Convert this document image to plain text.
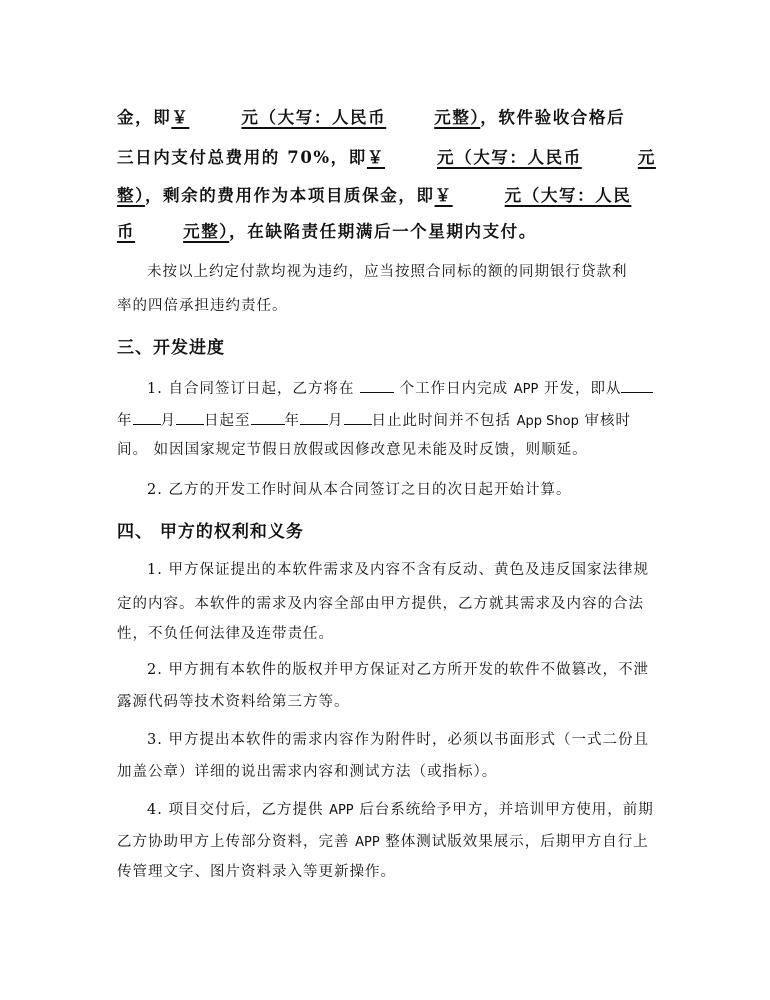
金，即￥	元（大写：人民币	元整），软件验收合格后
三日内支付总费用的 70%，即￥	元（大写：人民币	元
整），剩余的费用作为本项目质保金，即￥	元（大写：人民
币	元整），在缺陷责任期满后一个星期内支付。
未按以上约定付款均视为违约，应当按照合同标的额的同期银行贷款利
率的四倍承担违约责任。
三、开发进度
1. 自合同签订日起，乙方将在	个工作日内完成 APP 开发，即从
年 月 日起至 年 月 日止此时间并不包括 App Shop 审核时
间。 如因国家规定节假日放假或因修改意见未能及时反馈，则顺延。
2. 乙方的开发工作时间从本合同签订之日的次日起开始计算。
四、 甲方的权利和义务
1. 甲方保证提出的本软件需求及内容不含有反动、黄色及违反国家法律规
定的内容。本软件的需求及内容全部由甲方提供，乙方就其需求及内容的合法
性，不负任何法律及连带责任。
2. 甲方拥有本软件的版权并甲方保证对乙方所开发的软件不做篡改，不泄
露源代码等技术资料给第三方等。
3. 甲方提出本软件的需求内容作为附件时，必须以书面形式（一式二份且
加盖公章）详细的说出需求内容和测试方法（或指标）。
4. 项目交付后，乙方提供 APP 后台系统给予甲方，并培训甲方使用，前期
乙方协助甲方上传部分资料，完善 APP 整体测试版效果展示，后期甲方自行上
传管理文字、图片资料录入等更新操作。
